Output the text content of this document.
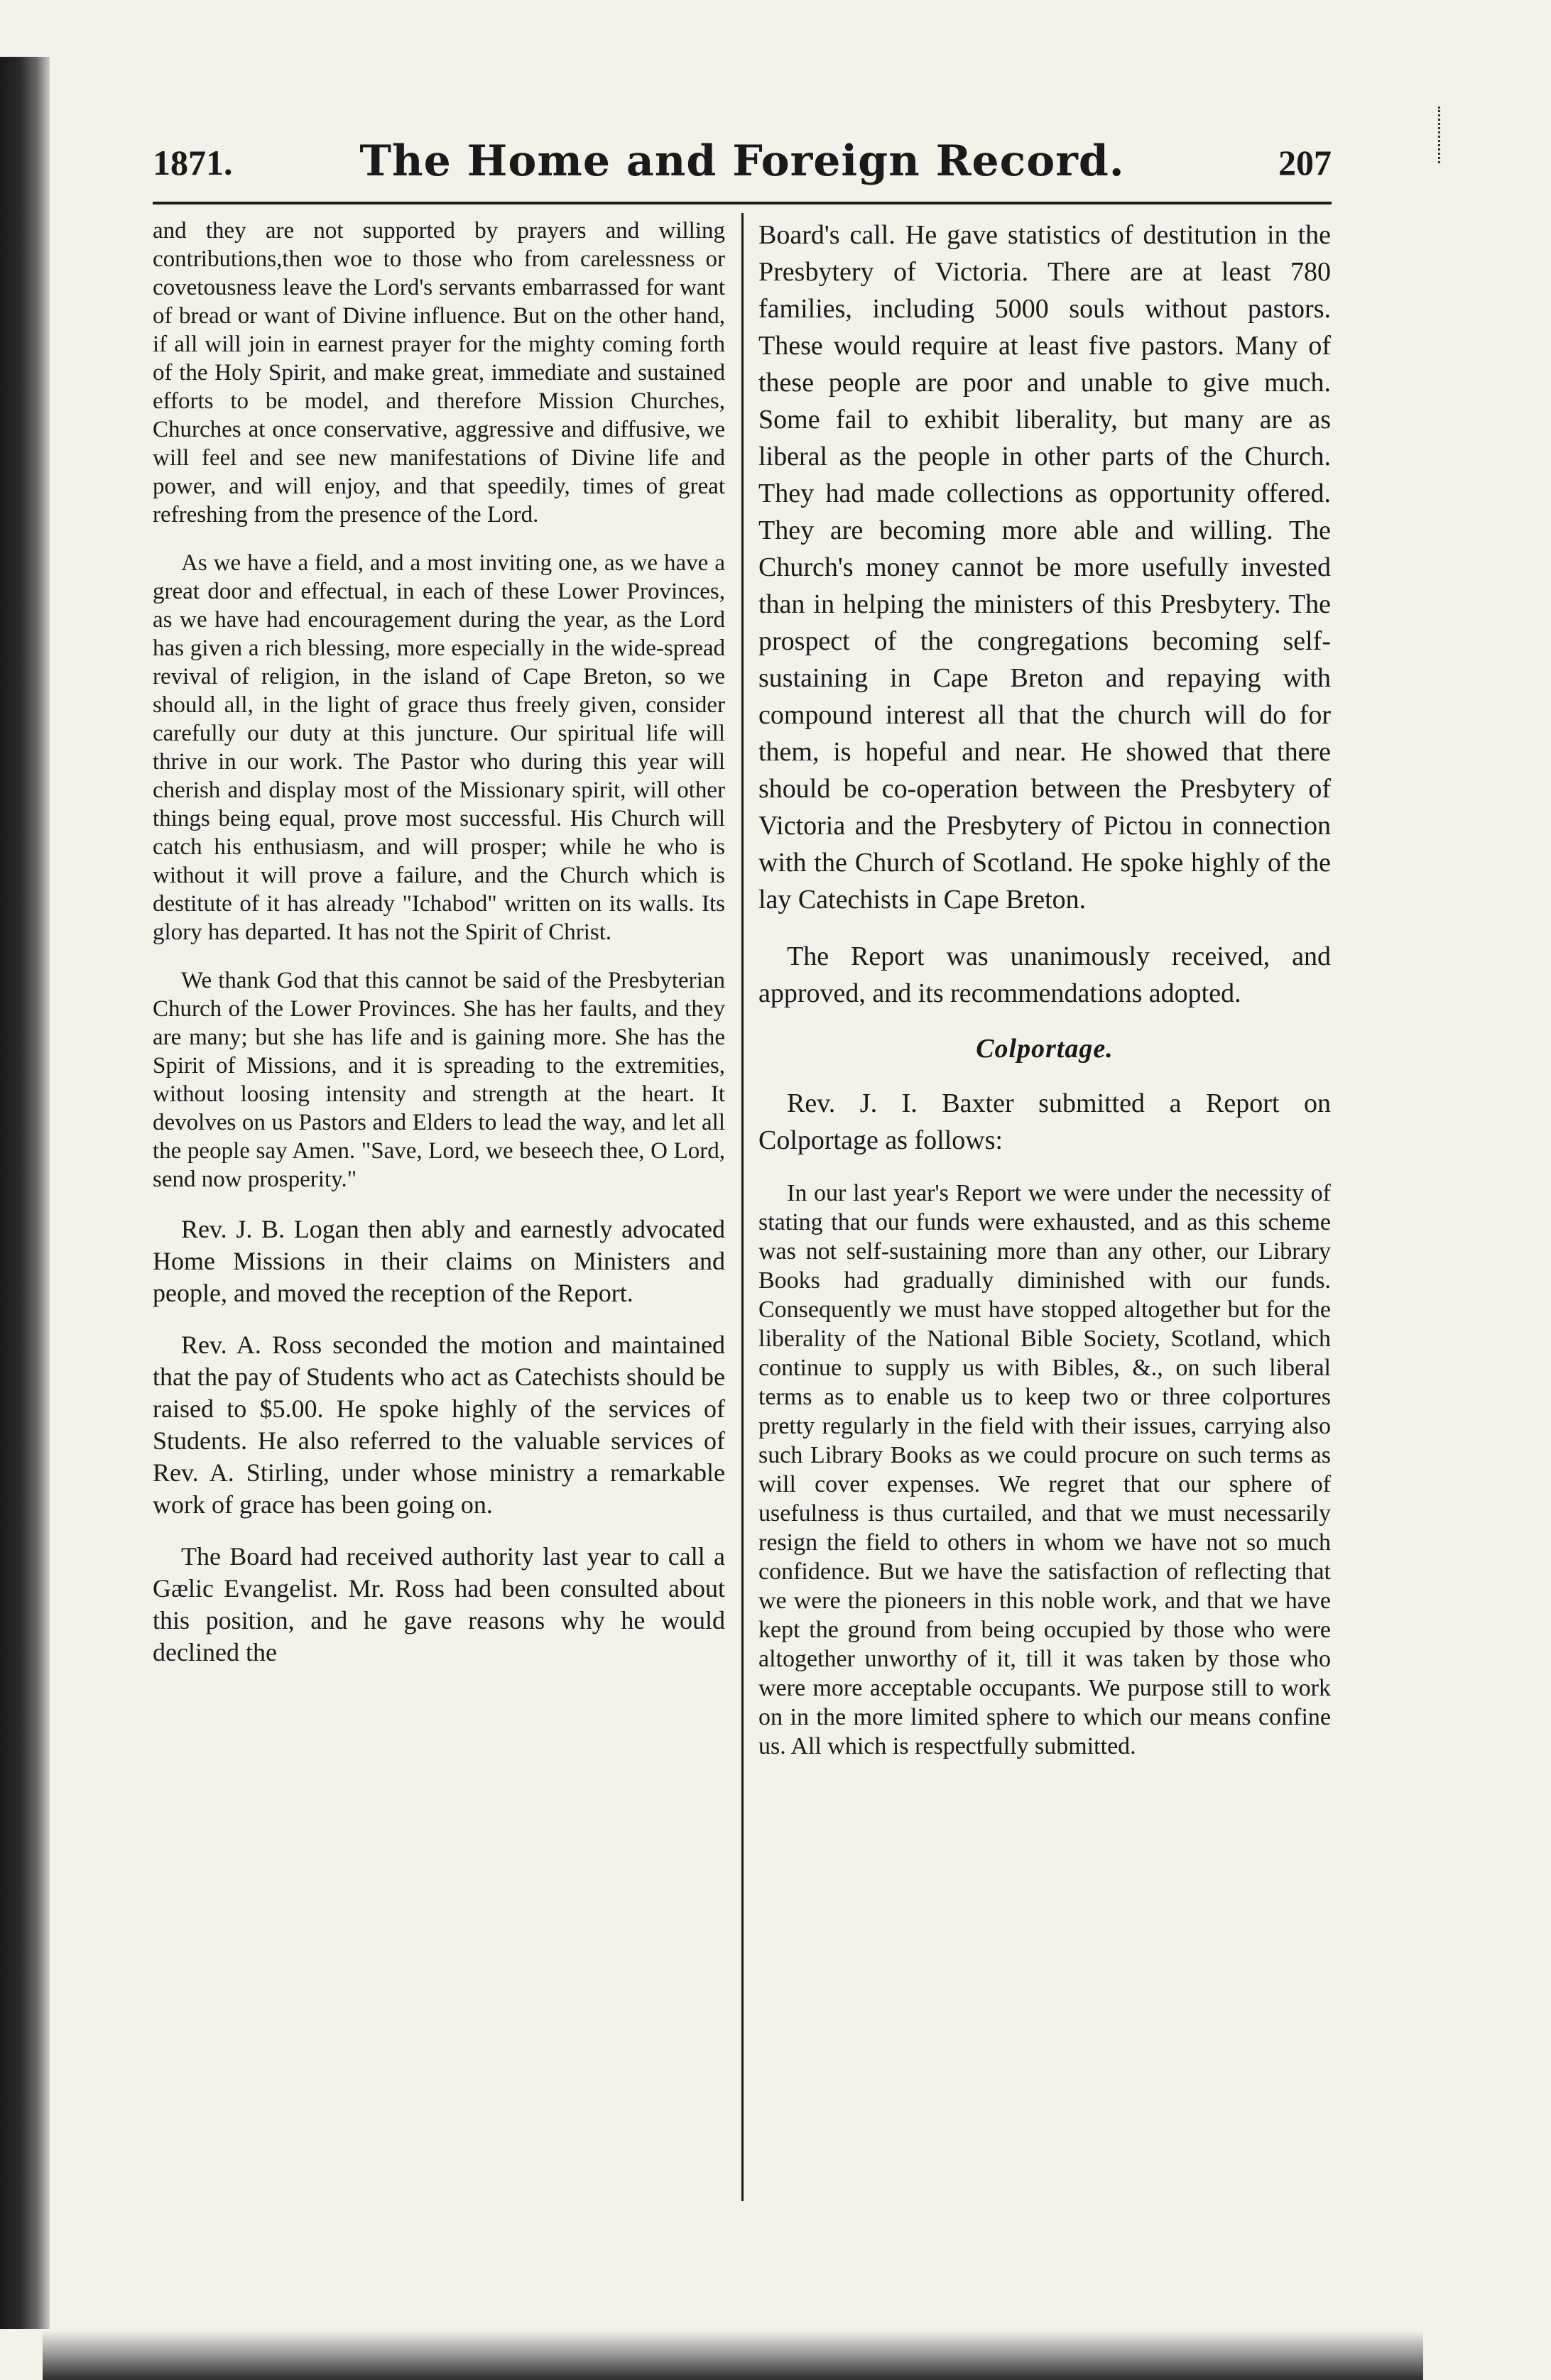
1871.	The Home and Foreign Record.	207

and they are not supported by prayers and willing contributions,then woe to those who from carelessness or covetousness leave the Lord's servants embarrassed for want of bread or want of Divine influence. But on the other hand, if all will join in earnest prayer for the mighty coming forth of the Holy Spirit, and make great, immediate and sustained efforts to be model, and therefore Mission Churches, Churches at once conservative, aggressive and diffusive, we will feel and see new manifestations of Divine life and power, and will enjoy, and that speedily, times of great refreshing from the presence of the Lord.

As we have a field, and a most inviting one, as we have a great door and effectual, in each of these Lower Provinces, as we have had encouragement during the year, as the Lord has given a rich blessing, more especially in the wide-spread revival of religion, in the island of Cape Breton, so we should all, in the light of grace thus freely given, consider carefully our duty at this juncture. Our spiritual life will thrive in our work. The Pastor who during this year will cherish and display most of the Missionary spirit, will other things being equal, prove most successful. His Church will catch his enthusiasm, and will prosper; while he who is without it will prove a failure, and the Church which is destitute of it has already "Ichabod" written on its walls. Its glory has departed. It has not the Spirit of Christ.

We thank God that this cannot be said of the Presbyterian Church of the Lower Provinces. She has her faults, and they are many; but she has life and is gaining more. She has the Spirit of Missions, and it is spreading to the extremities, without loosing intensity and strength at the heart. It devolves on us Pastors and Elders to lead the way, and let all the people say Amen. "Save, Lord, we beseech thee, O Lord, send now prosperity."

Rev. J. B. Logan then ably and earnestly advocated Home Missions in their claims on Ministers and people, and moved the reception of the Report.

Rev. A. Ross seconded the motion and maintained that the pay of Students who act as Catechists should be raised to $5.00. He spoke highly of the services of Students. He also referred to the valuable services of Rev. A. Stirling, under whose ministry a remarkable work of grace has been going on.

The Board had received authority last year to call a Gælic Evangelist. Mr. Ross had been consulted about this position, and he gave reasons why he would declined the

Board's call. He gave statistics of destitution in the Presbytery of Victoria. There are at least 780 families, including 5000 souls without pastors. These would require at least five pastors. Many of these people are poor and unable to give much. Some fail to exhibit liberality, but many are as liberal as the people in other parts of the Church. They had made collections as opportunity offered. They are becoming more able and willing. The Church's money cannot be more usefully invested than in helping the ministers of this Presbytery. The prospect of the congregations becoming self-sustaining in Cape Breton and repaying with compound interest all that the church will do for them, is hopeful and near. He showed that there should be co-operation between the Presbytery of Victoria and the Presbytery of Pictou in connection with the Church of Scotland. He spoke highly of the lay Catechists in Cape Breton.

The Report was unanimously received, and approved, and its recommendations adopted.

Colportage.

Rev. J. I. Baxter submitted a Report on Colportage as follows:

In our last year's Report we were under the necessity of stating that our funds were exhausted, and as this scheme was not self-sustaining more than any other, our Library Books had gradually diminished with our funds. Consequently we must have stopped altogether but for the liberality of the National Bible Society, Scotland, which continue to supply us with Bibles, &., on such liberal terms as to enable us to keep two or three colportures pretty regularly in the field with their issues, carrying also such Library Books as we could procure on such terms as will cover expenses. We regret that our sphere of usefulness is thus curtailed, and that we must necessarily resign the field to others in whom we have not so much confidence. But we have the satisfaction of reflecting that we were the pioneers in this noble work, and that we have kept the ground from being occupied by those who were altogether unworthy of it, till it was taken by those who were more acceptable occupants. We purpose still to work on in the more limited sphere to which our means confine us. All which is respectfully submitted.
